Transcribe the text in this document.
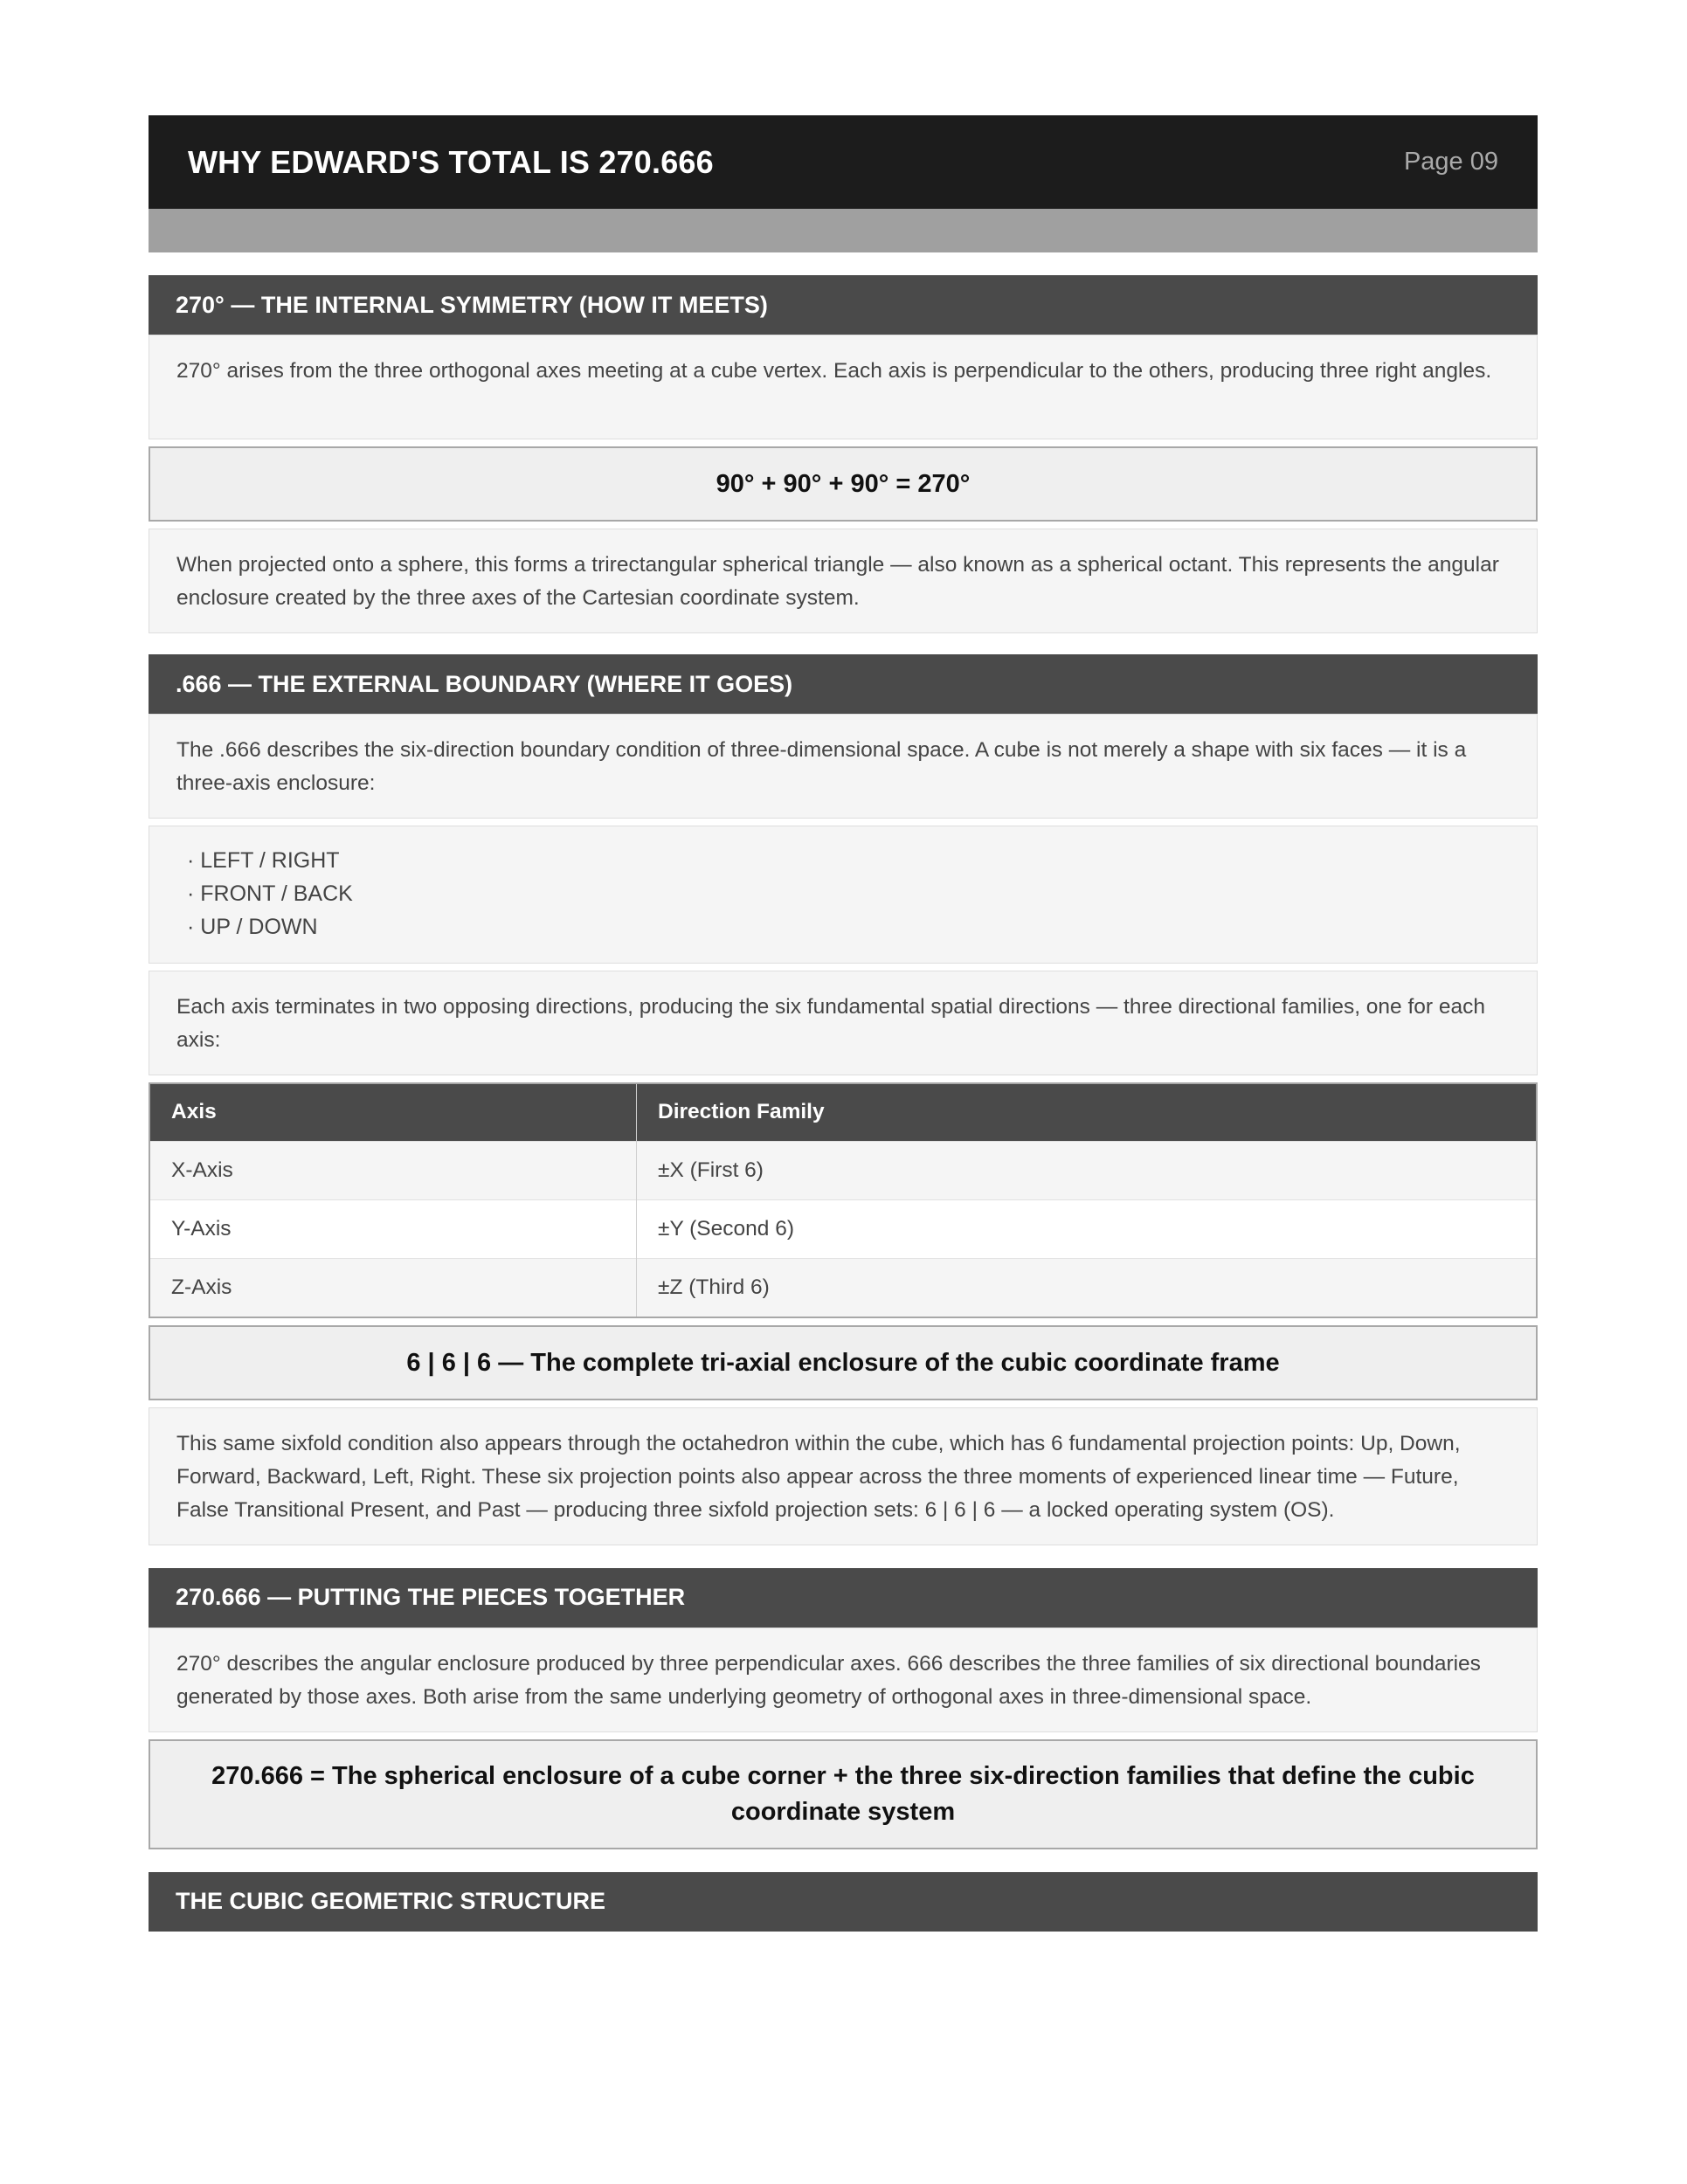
WHY EDWARD'S TOTAL IS 270.666	Page 09
270° — THE INTERNAL SYMMETRY (HOW IT MEETS)
270° arises from the three orthogonal axes meeting at a cube vertex. Each axis is perpendicular to the others, producing three right angles.
90° + 90° + 90° = 270°
When projected onto a sphere, this forms a trirectangular spherical triangle — also known as a spherical octant. This represents the angular enclosure created by the three axes of the Cartesian coordinate system.
.666 — THE EXTERNAL BOUNDARY (WHERE IT GOES)
The .666 describes the six-direction boundary condition of three-dimensional space. A cube is not merely a shape with six faces — it is a three-axis enclosure:
· LEFT / RIGHT
· FRONT / BACK
· UP / DOWN
Each axis terminates in two opposing directions, producing the six fundamental spatial directions — three directional families, one for each axis:
Axis	Direction Family
X-Axis	±X (First 6)
Y-Axis	±Y (Second 6)
Z-Axis	±Z (Third 6)
6 | 6 | 6 — The complete tri-axial enclosure of the cubic coordinate frame
This same sixfold condition also appears through the octahedron within the cube, which has 6 fundamental projection points: Up, Down, Forward, Backward, Left, Right. These six projection points also appear across the three moments of experienced linear time — Future, False Transitional Present, and Past — producing three sixfold projection sets: 6 | 6 | 6 — a locked operating system (OS).
270.666 — PUTTING THE PIECES TOGETHER
270° describes the angular enclosure produced by three perpendicular axes. 666 describes the three families of six directional boundaries generated by those axes. Both arise from the same underlying geometry of orthogonal axes in three-dimensional space.
270.666 = The spherical enclosure of a cube corner + the three six-direction families that define the cubic coordinate system
THE CUBIC GEOMETRIC STRUCTURE
